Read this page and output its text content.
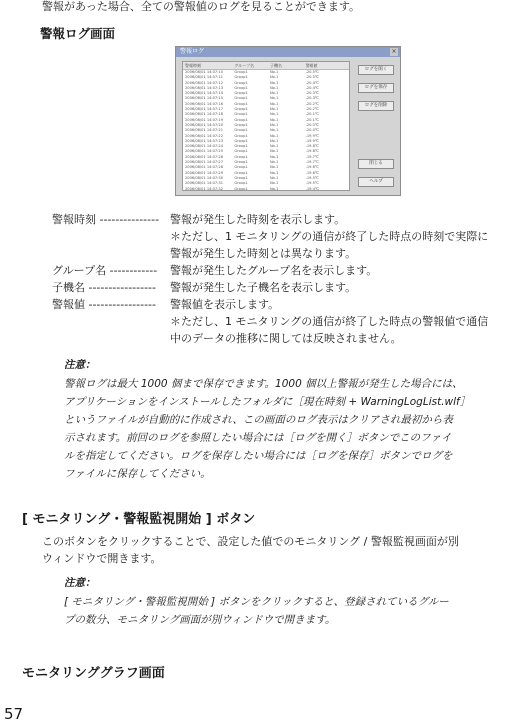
警報があった場合、全ての警報値のログを見ることができます。
警報ログ画面
警報ログ	×
警報時刻	グループ名	子機名	警報値
2006/08/01 14:07:10	Group1	No.1	-20.5℃
2006/08/01 14:07:11	Group1	No.1	-20.5℃
2006/08/01 14:07:12	Group1	No.1	-20.4℃
2006/08/01 14:07:13	Group1	No.1	-20.4℃
2006/08/01 14:07:14	Group1	No.1	-20.3℃
2006/08/01 14:07:15	Group1	No.1	-20.3℃
2006/08/01 14:07:16	Group1	No.1	-20.2℃
2006/08/01 14:07:17	Group1	No.1	-20.2℃
2006/08/01 14:07:18	Group1	No.1	-20.1℃
2006/08/01 14:07:19	Group1	No.1	-20.1℃
2006/08/01 14:07:20	Group1	No.1	-20.0℃
2006/08/01 14:07:21	Group1	No.1	-20.0℃
2006/08/01 14:07:22	Group1	No.1	-19.9℃
2006/08/01 14:07:23	Group1	No.1	-19.9℃
2006/08/01 14:07:24	Group1	No.1	-19.8℃
2006/08/01 14:07:25	Group1	No.1	-19.8℃
2006/08/01 14:07:26	Group1	No.1	-19.7℃
2006/08/01 14:07:27	Group1	No.1	-19.7℃
2006/08/01 14:07:28	Group1	No.1	-19.6℃
2006/08/01 14:07:29	Group1	No.1	-19.6℃
2006/08/01 14:07:30	Group1	No.1	-19.5℃
2006/08/01 14:07:31	Group1	No.1	-19.5℃
2006/08/01 14:07:32	Group1	No.1	-19.4℃
ログを開く
ログを保存
ログを削除
閉じる
ヘルプ
警報時刻 --------------- 警報が発生した時刻を表示します。
＊ただし、1 モニタリングの通信が終了した時点の時刻で実際に
警報が発生した時刻とは異なります。
グループ名 ------------ 警報が発生したグループ名を表示します。
子機名 ----------------- 警報が発生した子機名を表示します。
警報値 ----------------- 警報値を表示します。
＊ただし、1 モニタリングの通信が終了した時点の警報値で通信
中のデータの推移に関しては反映されません。
注意：
警報ログは最大 1000 個まで保存できます。1000 個以上警報が発生した場合には、
アプリケーションをインストールしたフォルダに［現在時刻 + WarningLogList.wlf］
というファイルが自動的に作成され、この画面のログ表示はクリアされ最初から表
示されます。前回のログを参照したい場合には［ログを開く］ボタンでこのファイ
ルを指定してください。ログを保存したい場合には［ログを保存］ボタンでログを
ファイルに保存してください。
[ モニタリング・警報監視開始 ] ボタン
このボタンをクリックすることで、設定した値でのモニタリング / 警報監視画面が別
ウィンドウで開きます。
注意：
[ モニタリング・警報監視開始 ] ボタンをクリックすると、登録されているグルー
プの数分、モニタリング画面が別ウィンドウで開きます。
モニタリンググラフ画面
57
